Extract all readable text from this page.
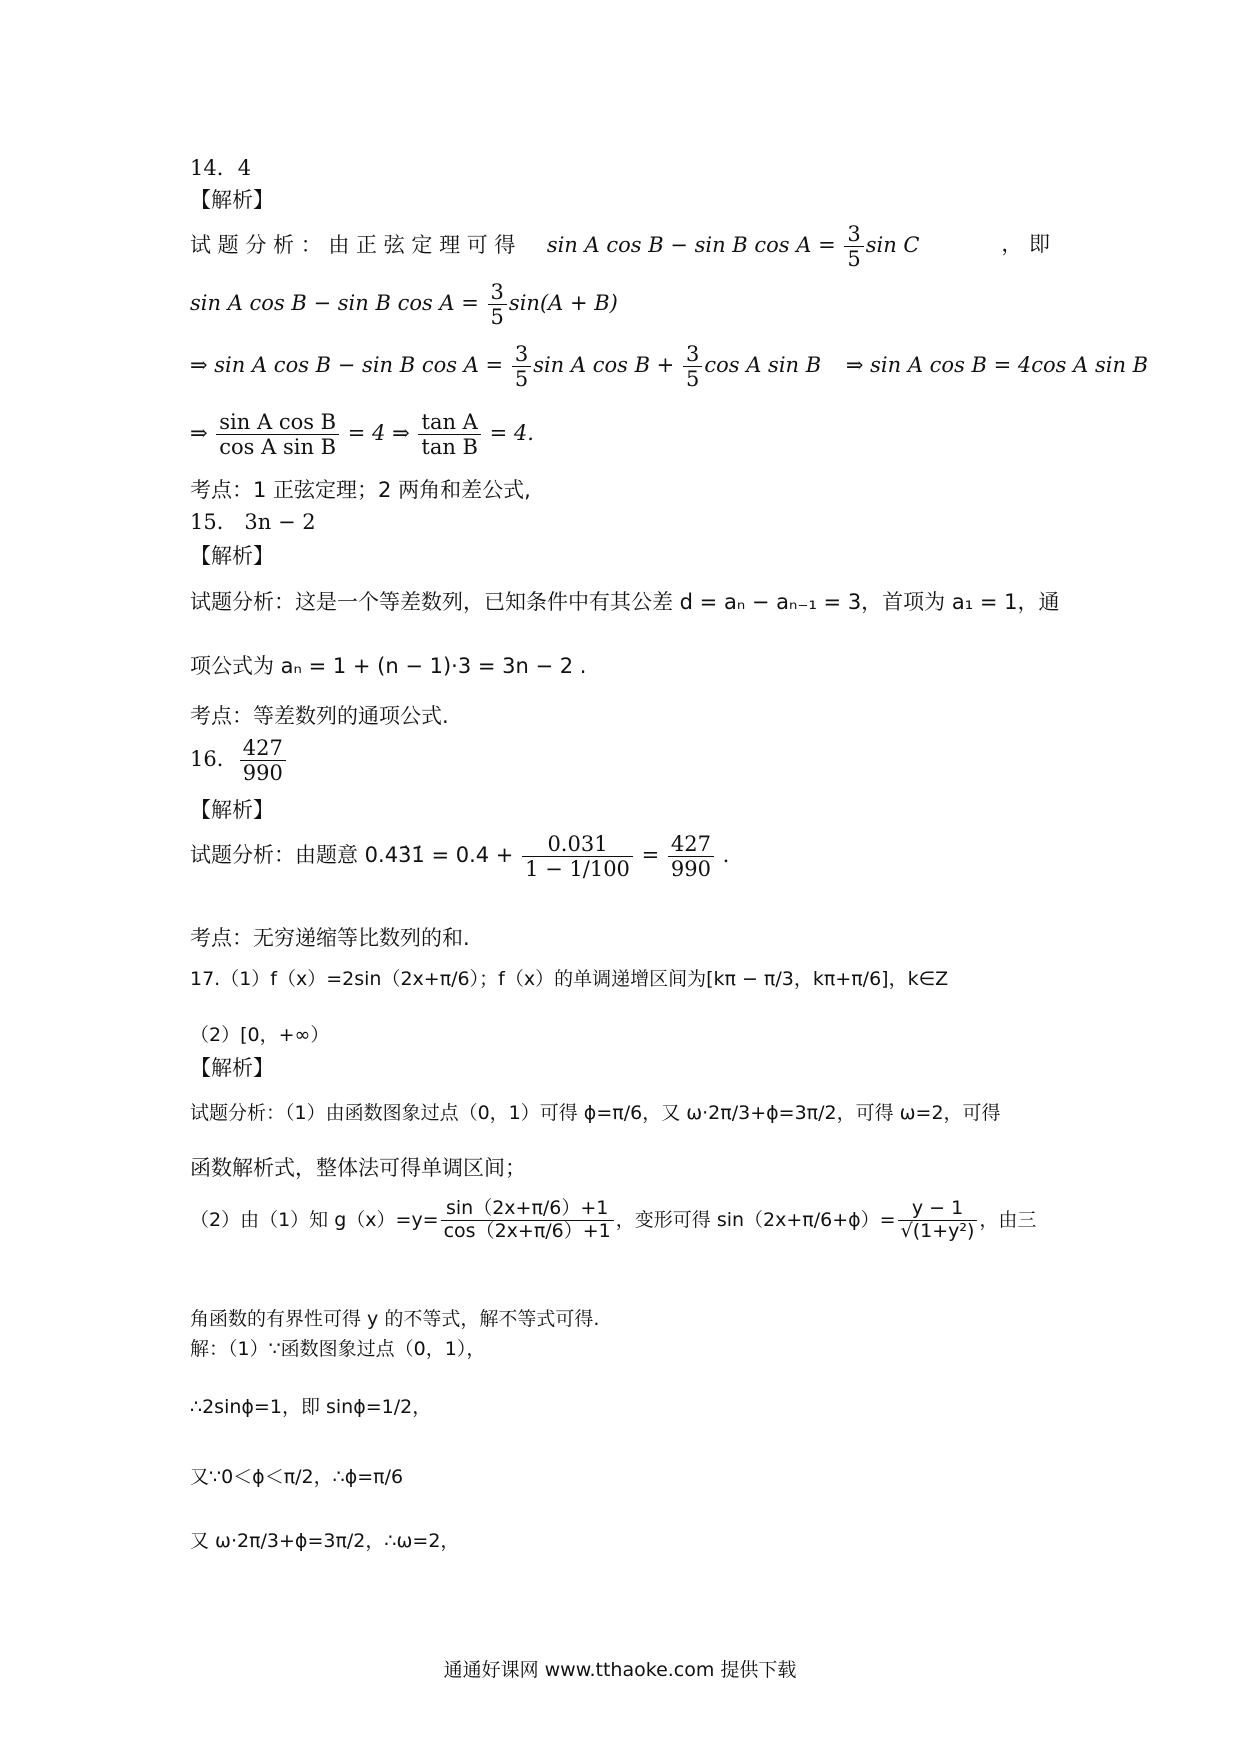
14．4
【解析】
试 题 分 析 ： 由 正 弦 定 理 可 得 sin A cos B − sin B $\cos A = \frac{3}{5}$ sin C	， 即
sin A cos B − sin B $\cos A = \frac{3}{5} \sin(A + B)$
⇒ sin A cos B − sin B $\cos A = \frac{3}{5}$ sin A $\cos B + \frac{3}{5}$ cos A sin B ⇒ sin A cos B = 4cos A sin B
⇒ $\frac{\text{sin A cos B}}{\text{cos A sin B}} = 4$ ⇒ $\frac{\text{tan A}}{\text{tan B}} = 4$.
考点：1 正弦定理；2 两角和差公式,
15． 3n − 2
【解析】
试题分析：这是一个等差数列，已知条件中有其公差 d = aₙ − aₙ₋₁ = 3，首项为 a₁ = 1，通
项公式为 aₙ = 1 + (n − 1)·3 = 3n − 2 .
考点：等差数列的通项公式.
16． $\frac{427}{990}$
【解析】
试题分析：由题意 0.43̇1̇ = $0.4 + \frac{0.031}{1 - 1/100} = \frac{427}{990}$ .
考点：无穷递缩等比数列的和.
17.（1）f（x）=2sin（2x+π/6）；f（x）的单调递增区间为[kπ − π/3，kπ+π/6]，k∈Z
（2）[0，+∞）
【解析】
试题分析：（1）由函数图象过点（0，1）可得 ϕ=π/6，又 ω·2π/3+ϕ=3π/2，可得 ω=2，可得
函数解析式，整体法可得单调区间；
（2）由（1）知 $g(x)=y= \frac{\sin(2x+\pi/6)+1}{\cos(2x+\pi/6)+1}$ ，变形可得 $\sin(2x+\pi/6+\phi)= \frac{y - 1}{\text{√(1+y²)}}$ ，由三
角函数的有界性可得 y 的不等式，解不等式可得.
解：（1）∵函数图象过点（0，1），
∴2sinϕ=1，即 sinϕ=1/2，
又∵0＜ϕ＜π/2，∴ϕ=π/6
又 ω·2π/3+ϕ=3π/2，∴ω=2，
通通好课网 www.tthaoke.com 提供下载
